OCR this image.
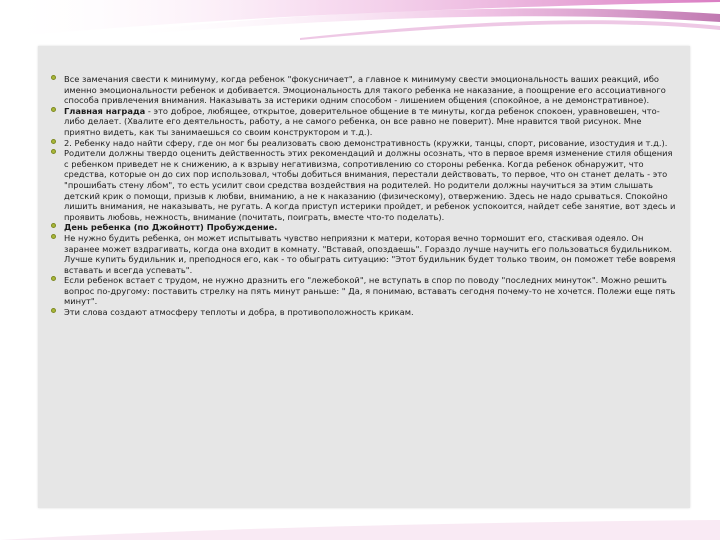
Все замечания свести к минимуму, когда ребенок "фокусничает", а главное к минимуму свести эмоциональность ваших реакций, ибо именно эмоциональности ребенок и добивается. Эмоциональность для такого ребенка не наказание, а поощрение его ассоциативного способа привлечения внимания. Наказывать за истерики одним способом - лишением общения (спокойное, а не демонстративное).
Главная награда - это доброе, любящее, открытое, доверительное общение в те минуты, когда ребенок спокоен, уравновешен, что-либо делает. (Хвалите его деятельность, работу, а не самого ребенка, он все равно не поверит). Мне нравится твой рисунок. Мне приятно видеть, как ты занимаешься со своим конструктором и т.д.).
2. Ребенку надо найти сферу, где он мог бы реализовать свою демонстративность (кружки, танцы, спорт, рисование, изостудия и т.д.).
Родители должны твердо оценить действенность этих рекомендаций и должны осознать, что в первое время изменение стиля общения с ребенком приведет не к снижению, а к взрыву негативизма, сопротивлению со стороны ребенка. Когда ребенок обнаружит, что средства, которые он до сих пор использовал, чтобы добиться внимания, перестали действовать, то первое, что он станет делать - это "прошибать стену лбом", то есть усилит свои средства воздействия на родителей. Но родители должны научиться за этим слышать детский крик о помощи, призыв к любви, вниманию, а не к наказанию (физическому), отвержению. Здесь не надо срываться. Спокойно лишить внимания, не наказывать, не ругать. А когда приступ истерики пройдет, и ребенок успокоится, найдет себе занятие, вот здесь и проявить любовь, нежность, внимание (почитать, поиграть, вместе что-то поделать).
День ребенка (по Джойнотт) Пробуждение.
Не нужно будить ребенка, он может испытывать чувство неприязни к матери, которая вечно тормошит его, стаскивая одеяло. Он заранее может вздрагивать, когда она входит в комнату. "Вставай, опоздаешь". Гораздо лучше научить его пользоваться будильником. Лучше купить будильник и, преподнося его, как - то обыграть ситуацию: "Этот будильник будет только твоим, он поможет тебе вовремя вставать и всегда успевать".
Если ребенок встает с трудом, не нужно дразнить его "лежебокой", не вступать в спор по поводу "последних минуток". Можно решить вопрос по-другому: поставить стрелку на пять минут раньше: " Да, я понимаю, вставать сегодня почему-то не хочется. Полежи еще пять минут".
Эти слова создают атмосферу теплоты и добра, в противоположность крикам.
